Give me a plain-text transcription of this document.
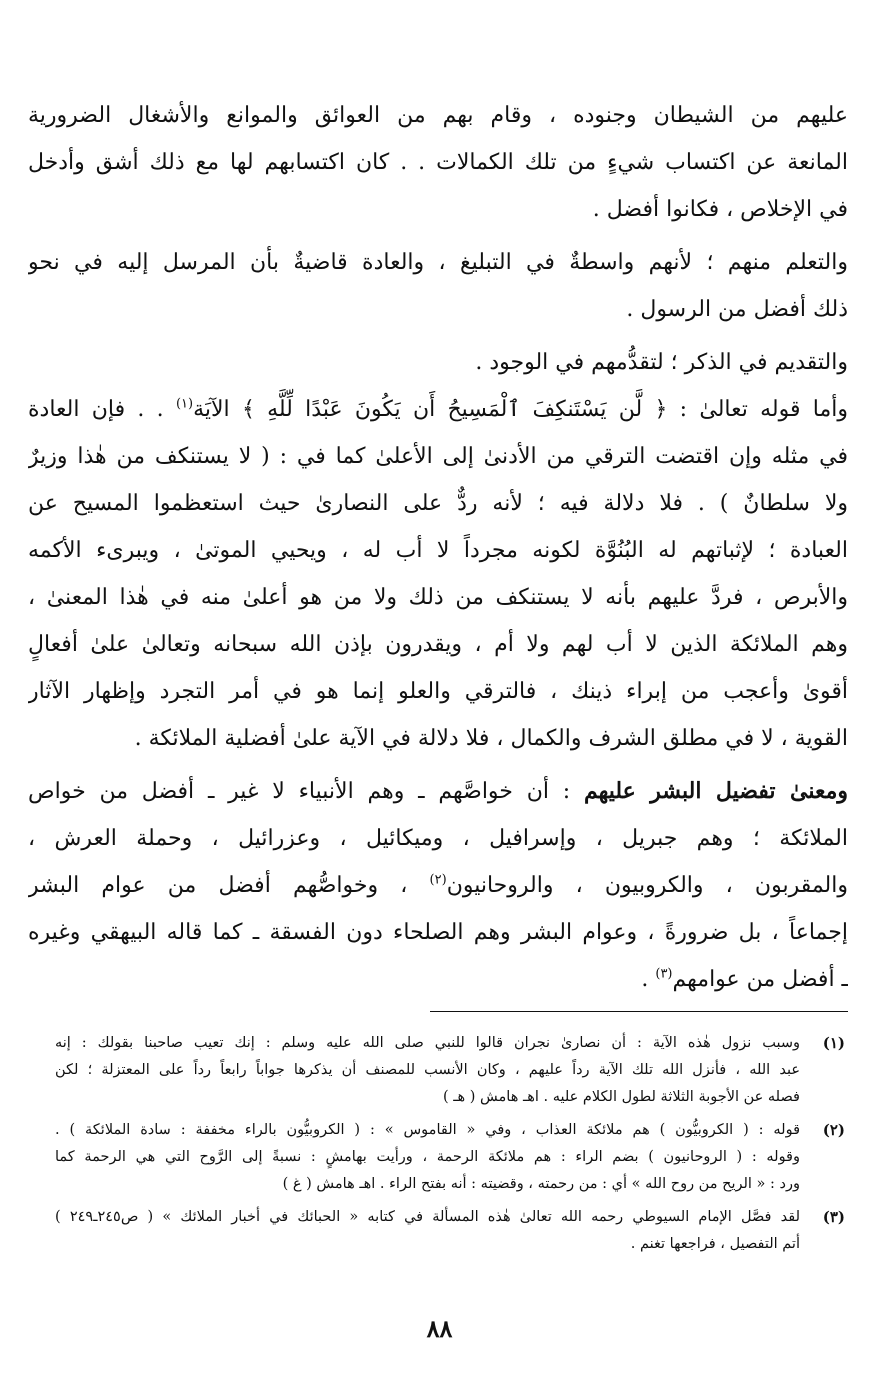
عليهم من الشيطان وجنوده ، وقام بهم من العوائق والموانع والأشغال الضرورية

المانعة عن اكتساب شيءٍ من تلك الكمالات . . كان اكتسابهم لها مع ذلك أشق وأدخل

في الإخلاص ، فكانوا أفضل .

والتعلم منهم ؛ لأنهم واسطةٌ في التبليغ ، والعادة قاضيةٌ بأن المرسل إليه في نحو

ذلك أفضل من الرسول .

والتقديم في الذكر ؛ لتقدُّمهم في الوجود .

وأما قوله تعالىٰ : ﴿ لَّن يَسْتَنكِفَ ٱلْمَسِيحُ أَن يَكُونَ عَبْدًا لِّلَّهِ ﴾ الآيَة$^{(١)}$ . . فإن العادة

في مثله وإن اقتضت الترقي من الأدنىٰ إلى الأعلىٰ كما في : ( لا يستنكف من هٰذا وزيرٌ

ولا سلطانٌ ) . فلا دلالة فيه ؛ لأنه ردٌّ على النصارىٰ حيث استعظموا المسيح عن

العبادة ؛ لإثباتهم له البُنُوَّة لكونه مجرداً لا أب له ، ويحيي الموتىٰ ، ويبرىء الأكمه

والأبرص ، فردَّ عليهم بأنه لا يستنكف من ذلك ولا من هو أعلىٰ منه في هٰذا المعنىٰ ،

وهم الملائكة الذين لا أب لهم ولا أم ، ويقدرون بإذن الله سبحانه وتعالىٰ علىٰ أفعالٍ

أقوىٰ وأعجب من إبراء ذينك ، فالترقي والعلو إنما هو في أمر التجرد وإظهار الآثار

القوية ، لا في مطلق الشرف والكمال ، فلا دلالة في الآية علىٰ أفضلية الملائكة .

ومعنىٰ تفضيل البشر عليهم : أن خواصَّهم ـ وهم الأنبياء لا غير ـ أفضل من خواص

الملائكة ؛ وهم جبريل ، وإسرافيل ، وميكائيل ، وعزرائيل ، وحملة العرش ،

والمقربون ، والكروبيون ، والروحانيون$^{(٢)}$ ، وخواصُّهم أفضل من عوام البشر

إجماعاً ، بل ضرورةً ، وعوام البشر وهم الصلحاء دون الفسقة ـ كما قاله البيهقي وغيره

ـ أفضل من عوامهم$^{(٣)}$ .

(١)

وسبب نزول هٰذه الآية : أن نصارىٰ نجران قالوا للنبي صلى الله عليه وسلم : إنك تعيب صاحبنا بقولك : إنه

عبد الله ، فأنزل الله تلك الآية رداً عليهم ، وكان الأنسب للمصنف أن يذكرها جواباً رابعاً رداً على المعتزلة ؛ لكن

فصله عن الأجوبة الثلاثة لطول الكلام عليه . اهـ هامش ( هـ )

(٢)

قوله : ( الكروبيُّون ) هم ملائكة العذاب ، وفي « القاموس » : ( الكروبيُّون بالراء مخففة : سادة الملائكة ) .

وقوله : ( الروحانيون ) بضم الراء : هم ملائكة الرحمة ، ورأيت بهامشٍ : نسبةً إلى الرَّوح التي هي الرحمة كما

ورد : « الريح من روح الله » أي : من رحمته ، وقضيته : أنه بفتح الراء . اهـ هامش ( غ )

(٣)

لقد فصَّل الإمام السيوطي رحمه الله تعالىٰ هٰذه المسألة في كتابه « الحبائك في أخبار الملائك » ( ص٢٤٥ـ٢٤٩ )

أتم التفصيل ، فراجعها تغنم .

٨٨
